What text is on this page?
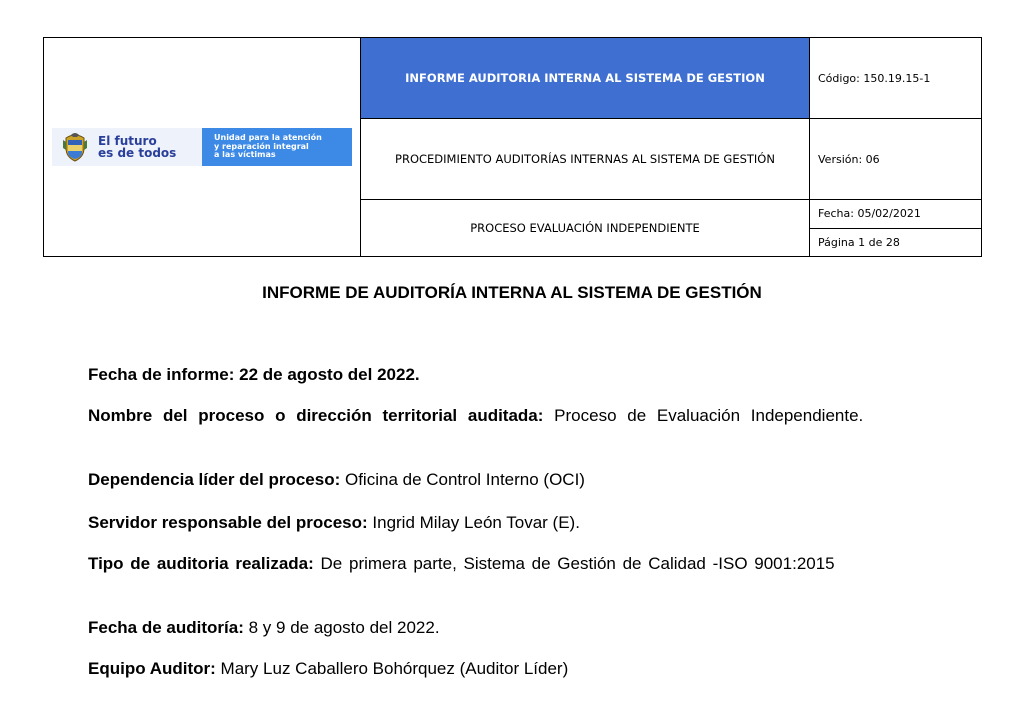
El futuro
es de todos
Unidad para la atención
y reparación integral
a las víctimas	INFORME AUDITORIA INTERNA AL SISTEMA DE GESTION	Código: 150.19.15-1
	PROCEDIMIENTO AUDITORÍAS INTERNAS AL SISTEMA DE GESTIÓN	Versión: 06
	PROCESO EVALUACIÓN INDEPENDIENTE	Fecha: 05/02/2021
Página 1 de 28
INFORME DE AUDITORÍA INTERNA AL SISTEMA DE GESTIÓN
Fecha de informe: 22 de agosto del 2022.
Nombre del proceso o dirección territorial auditada: Proceso de Evaluación Independiente.
Dependencia líder del proceso: Oficina de Control Interno (OCI)
Servidor responsable del proceso: Ingrid Milay León Tovar (E).
Tipo de auditoria realizada: De primera parte, Sistema de Gestión de Calidad -ISO 9001:2015
Fecha de auditoría: 8 y 9 de agosto del 2022.
Equipo Auditor: Mary Luz Caballero Bohórquez (Auditor Líder)
